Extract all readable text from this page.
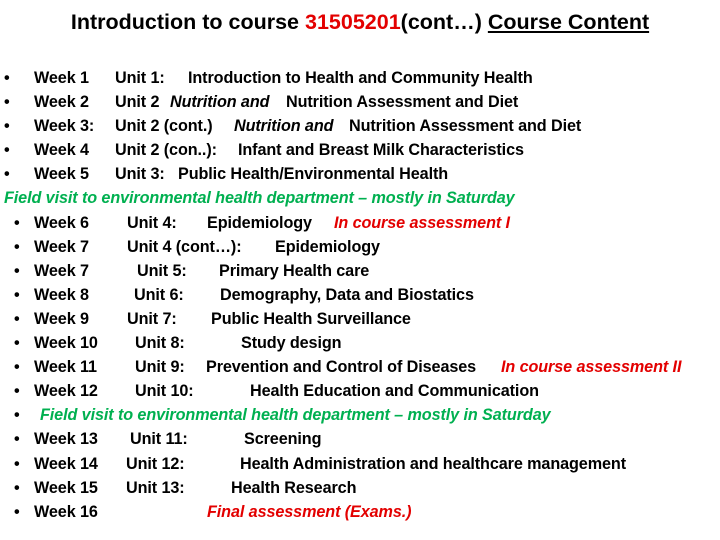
Introduction to course 31505201(cont…) Course Content
• Week 1 Unit 1: Introduction to Health and Community Health
• Week 2 Unit 2 Nutrition and Nutrition Assessment and Diet
• Week 3: Unit 2 (cont.) Nutrition and Nutrition Assessment and Diet
• Week 4 Unit 2 (con..): Infant and Breast Milk Characteristics
• Week 5 Unit 3: Public Health/Environmental Health
Field visit to environmental health department – mostly in Saturday
• Week 6 Unit 4: Epidemiology In course assessment I
• Week 7 Unit 4 (cont…): Epidemiology
• Week 7	Unit 5: Primary Health care
• Week 8	Unit 6: Demography, Data and Biostatics
• Week 9 Unit 7: Public Health Surveillance
• Week 10 Unit 8:	Study design
• Week 11 Unit 9: Prevention and Control of Diseases In course assessment II
• Week 12 Unit 10:	Health Education and Communication
• Field visit to environmental health department – mostly in Saturday
• Week 13 Unit 11:	Screening
• Week 14 Unit 12:	Health Administration and healthcare management
• Week 15 Unit 13:	Health Research
• Week 16	Final assessment (Exams.)
